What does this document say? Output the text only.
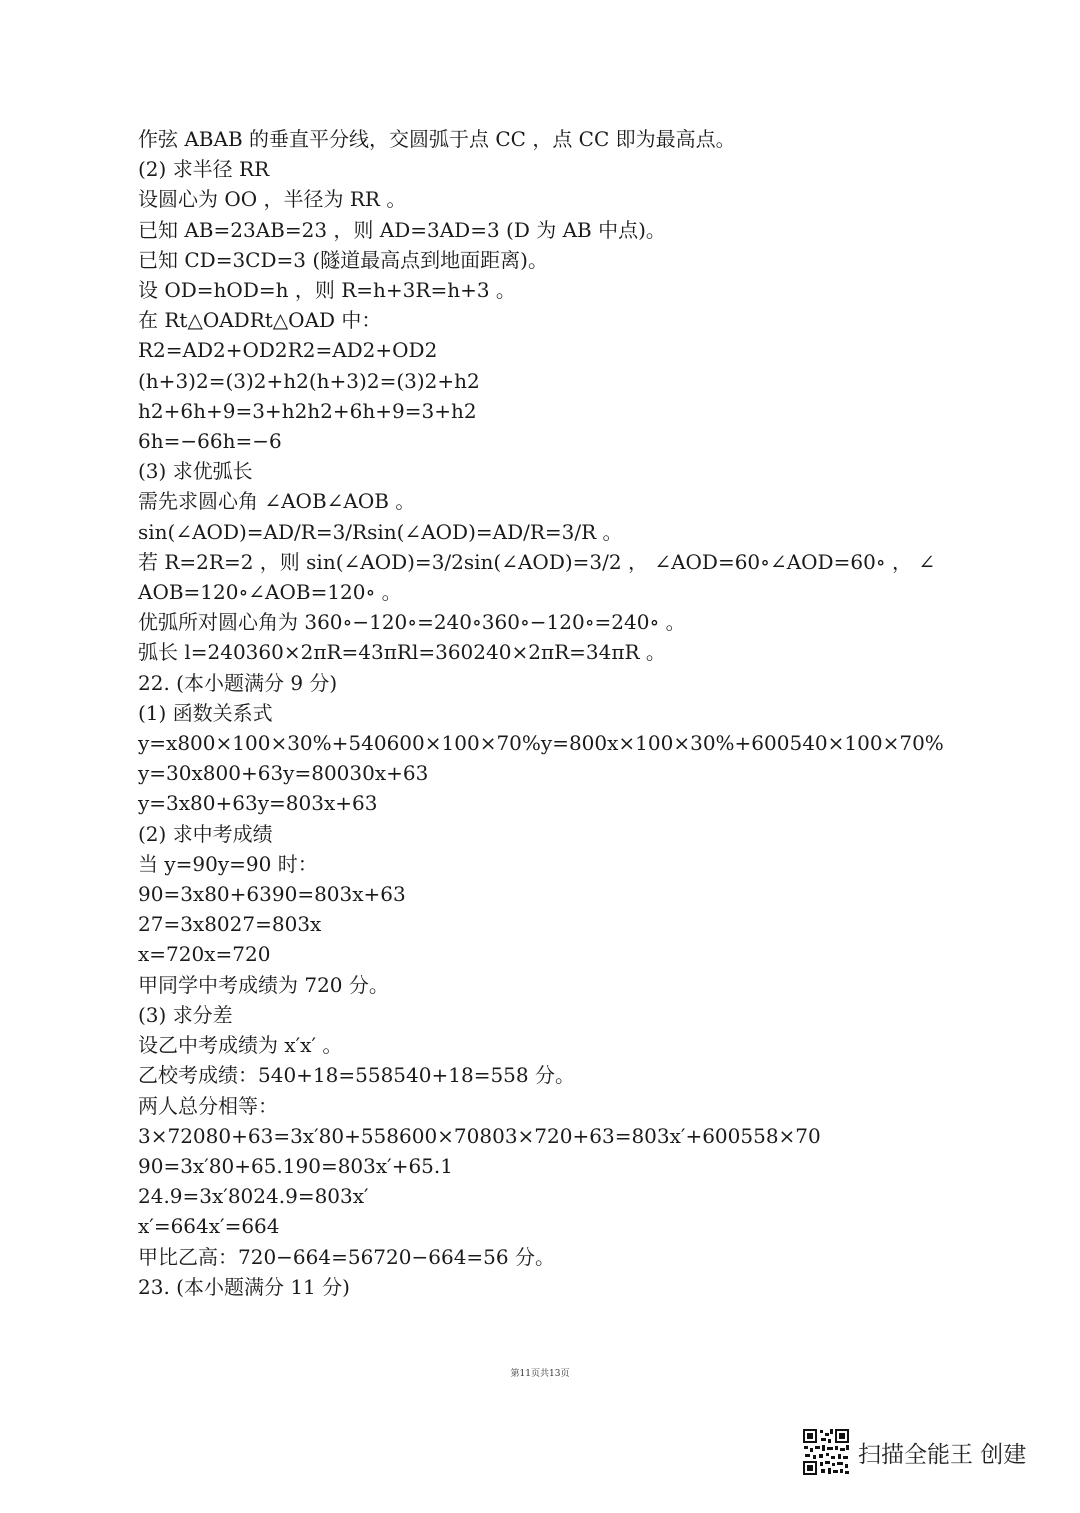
作弦 ABAB 的垂直平分线，交圆弧于点 CC ，点 CC 即为最高点。
(2) 求半径 RR
设圆心为 OO ，半径为 RR 。
已知 AB=23AB=23 ，则 AD=3AD=3 (D 为 AB 中点)。
已知 CD=3CD=3 (隧道最高点到地面距离)。
设 OD=hOD=h ，则 R=h+3R=h+3 。
在 Rt△OADRt△OAD 中：
R2=AD2+OD2R2=AD2+OD2
(h+3)2=(3)2+h2(h+3)2=(3)2+h2
h2+6h+9=3+h2h2+6h+9=3+h2
6h=−66h=−6
(3) 求优弧长
需先求圆心角 ∠AOB∠AOB 。
sin⁡(∠AOD)=AD/R=3/Rsin(∠AOD)=AD/R=3/R 。
若 R=2R=2 ，则 sin⁡(∠AOD)=3/2sin(∠AOD)=3/2 ， ∠AOD=60∘∠AOD=60∘ ， ∠
AOB=120∘∠AOB=120∘ 。
优弧所对圆心角为 360∘−120∘=240∘360∘−120∘=240∘ 。
弧长 l=240360×2πR=43πRl=360240×2πR=34πR 。
22. (本小题满分 9 分)
(1) 函数关系式
y=x800×100×30%+540600×100×70%y=800x×100×30%+600540×100×70%
y=30x800+63y=80030x+63
y=3x80+63y=803x+63
(2) 求中考成绩
当 y=90y=90 时：
90=3x80+6390=803x+63
27=3x8027=803x
x=720x=720
甲同学中考成绩为 720 分。
(3) 求分差
设乙中考成绩为 x′x′ 。
乙校考成绩：540+18=558540+18=558 分。
两人总分相等：
3×72080+63=3x′80+558600×70803×720+63=803x′+600558×70
90=3x′80+65.190=803x′+65.1
24.9=3x′8024.9=803x′
x′=664x′=664
甲比乙高：720−664=56720−664=56 分。
23. (本小题满分 11 分)
第11页共13页
扫描全能王 创建
